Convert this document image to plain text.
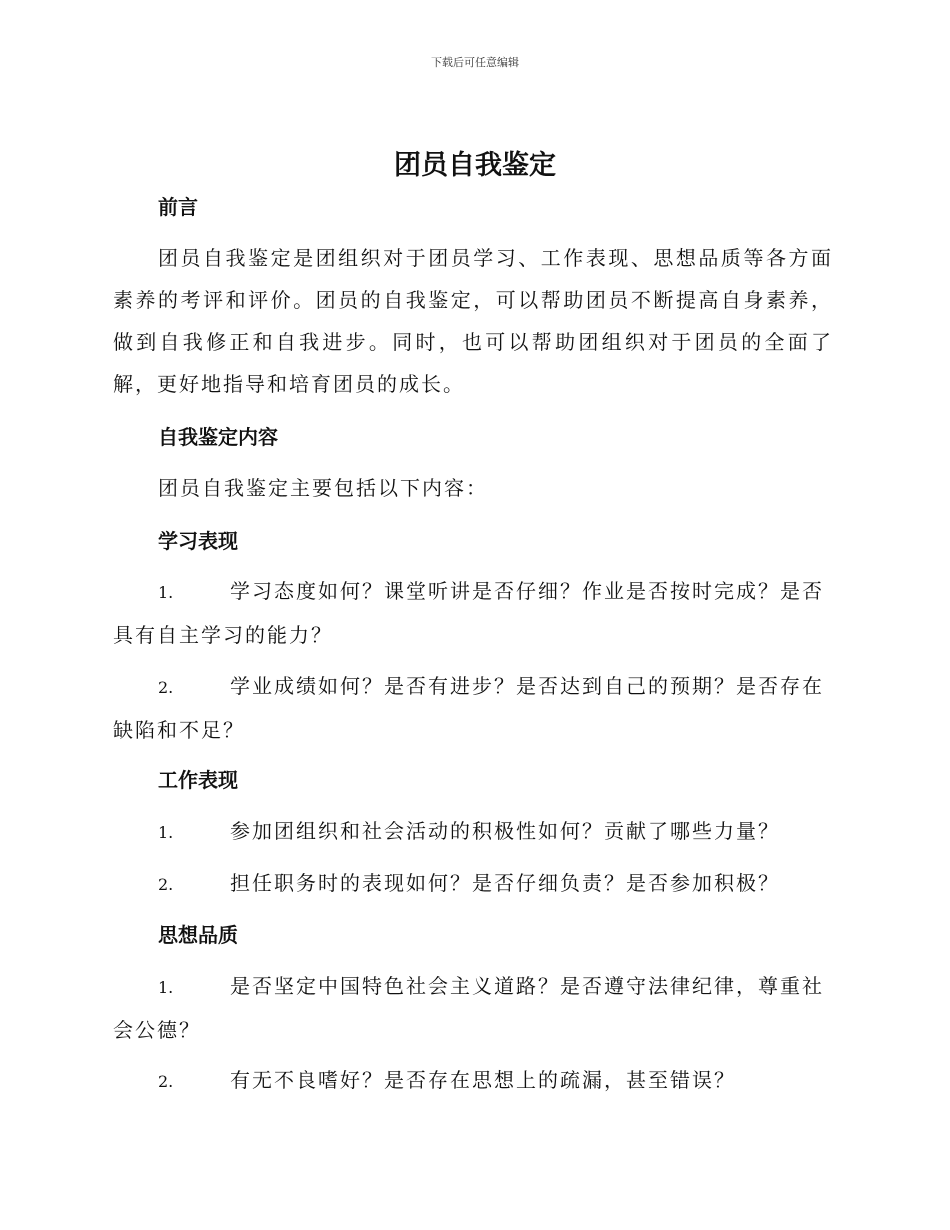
下载后可任意编辑
团员自我鉴定
前言

团员自我鉴定是团组织对于团员学习、工作表现、思想品质等各方面素养的考评和评价。团员的自我鉴定，可以帮助团员不断提高自身素养，做到自我修正和自我进步。同时，也可以帮助团组织对于团员的全面了解，更好地指导和培育团员的成长。

自我鉴定内容

团员自我鉴定主要包括以下内容：

学习表现
1.	学习态度如何？课堂听讲是否仔细？作业是否按时完成？是否具有自主学习的能力？
2.	学业成绩如何？是否有进步？是否达到自己的预期？是否存在缺陷和不足？
工作表现
1.	参加团组织和社会活动的积极性如何？贡献了哪些力量？
2.	担任职务时的表现如何？是否仔细负责？是否参加积极？
思想品质
1.	是否坚定中国特色社会主义道路？是否遵守法律纪律，尊重社会公德？
2.	有无不良嗜好？是否存在思想上的疏漏，甚至错误？
